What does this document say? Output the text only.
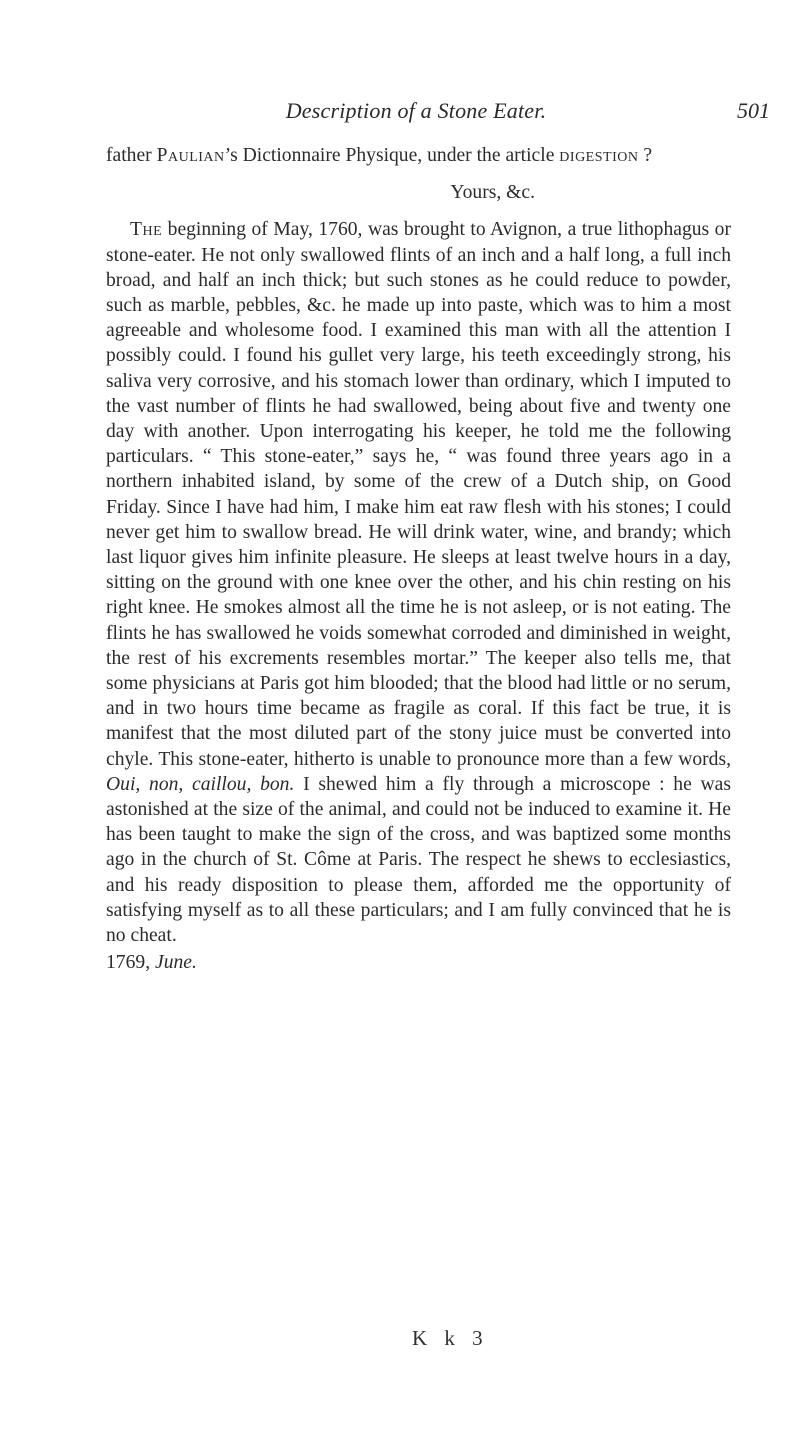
Description of a Stone Eater.	501

father Paulian’s Dictionnaire Physique, under the article digestion ?

Yours, &c.

The beginning of May, 1760, was brought to Avignon, a true lithophagus or stone-eater. He not only swallowed flints of an inch and a half long, a full inch broad, and half an inch thick; but such stones as he could reduce to powder, such as marble, pebbles, &c. he made up into paste, which was to him a most agreeable and wholesome food. I examined this man with all the attention I possibly could. I found his gullet very large, his teeth exceedingly strong, his saliva very corrosive, and his stomach lower than ordinary, which I imputed to the vast number of flints he had swallowed, being about five and twenty one day with another. Upon interrogating his keeper, he told me the following particulars. “ This stone-eater,” says he, “ was found three years ago in a northern inhabited island, by some of the crew of a Dutch ship, on Good Friday. Since I have had him, I make him eat raw flesh with his stones; I could never get him to swallow bread. He will drink water, wine, and brandy; which last liquor gives him infinite pleasure. He sleeps at least twelve hours in a day, sitting on the ground with one knee over the other, and his chin resting on his right knee. He smokes almost all the time he is not asleep, or is not eating. The flints he has swallowed he voids somewhat corroded and diminished in weight, the rest of his excrements resembles mortar.” The keeper also tells me, that some physicians at Paris got him blooded; that the blood had little or no serum, and in two hours time became as fragile as coral. If this fact be true, it is manifest that the most diluted part of the stony juice must be converted into chyle. This stone-eater, hitherto is unable to pronounce more than a few words, Oui, non, caillou, bon. I shewed him a fly through a microscope : he was astonished at the size of the animal, and could not be induced to examine it. He has been taught to make the sign of the cross, and was baptized some months ago in the church of St. Côme at Paris. The respect he shews to ecclesiastics, and his ready disposition to please them, afforded me the opportunity of satisfying myself as to all these particulars; and I am fully convinced that he is no cheat.

1769, June.

K k 3
